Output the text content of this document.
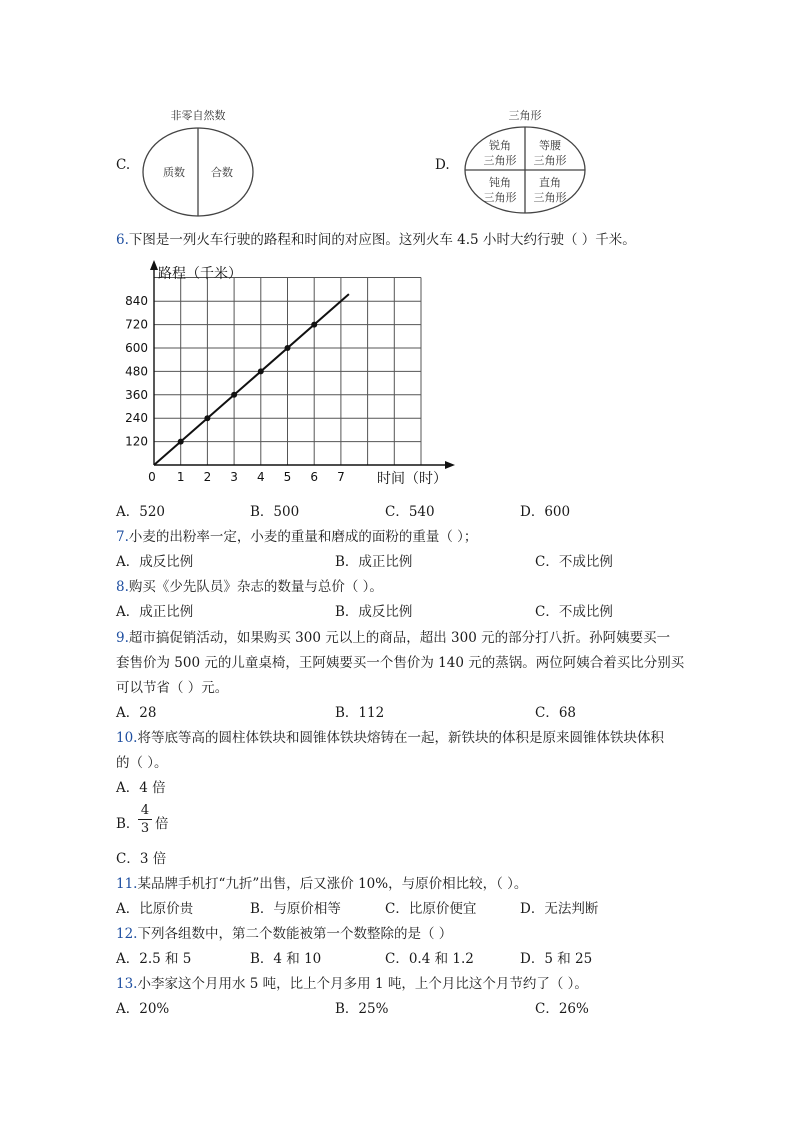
C.
非零自然数
质数 合数	D.
三角形
锐角
三角形
等腰
三角形
钝角
三角形
直角
三角形
6.下图是一列火车行驶的路程和时间的对应图。这列火车 4.5 小时大约行驶（ ）千米。
0 1 2 3 4 5 6 7
120
240
360
480
600
720
840
路程（千米）
时间（时）
A．520	B．500	C．540	D．600
7.小麦的出粉率一定，小麦的重量和磨成的面粉的重量（ ）；
A．成反比例	B．成正比例	C．不成比例
8.购买《少先队员》杂志的数量与总价（ ）。
A．成正比例	B．成反比例	C．不成比例
9.超市搞促销活动，如果购买 300 元以上的商品，超出 300 元的部分打八折。孙阿姨要买一
套售价为 500 元的儿童桌椅，王阿姨要买一个售价为 140 元的蒸锅。两位阿姨合着买比分别买
可以节省（ ）元。
A．28	B．112	C．68
10.将等底等高的圆柱体铁块和圆锥体铁块熔铸在一起，新铁块的体积是原来圆锥体铁块体积
的（ ）。
A．4 倍
B．
4
3 倍
C．3 倍
11.某品牌手机打“九折”出售，后又涨价 10%，与原价相比较，（ ）。
A．比原价贵	B．与原价相等	C．比原价便宜	D．无法判断
12.下列各组数中，第二个数能被第一个数整除的是（ ）
A．2.5 和 5	B．4 和 10	C．0.4 和 1.2	D．5 和 25
13.小李家这个月用水 5 吨，比上个月多用 1 吨，上个月比这个月节约了（ ）。
A．20%	B．25%	C．26%
